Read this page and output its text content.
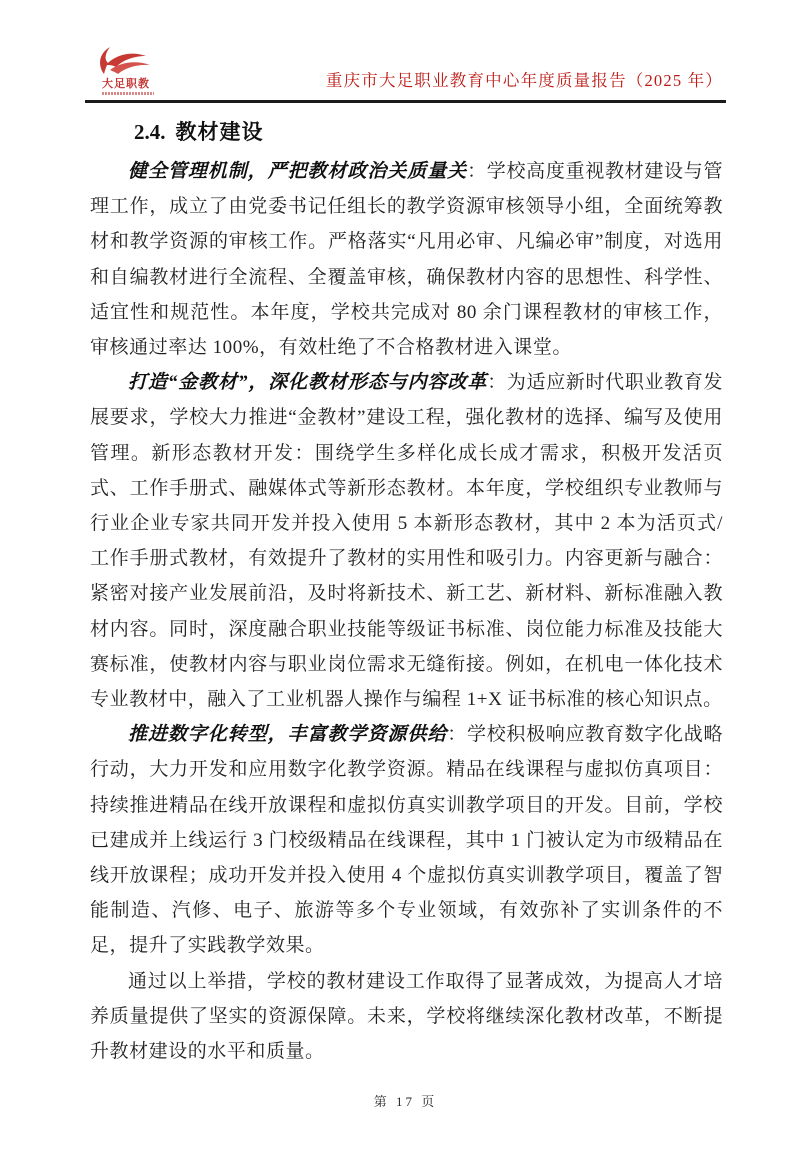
大足职教	重庆市大足职业教育中心年度质量报告（2025 年）
2.4. 教材建设

健全管理机制，严把教材政治关质量关：学校高度重视教材建设与管理工作，成立了由党委书记任组长的教学资源审核领导小组，全面统筹教材和教学资源的审核工作。严格落实“凡用必审、凡编必审”制度，对选用和自编教材进行全流程、全覆盖审核，确保教材内容的思想性、科学性、适宜性和规范性。本年度，学校共完成对 80 余门课程教材的审核工作，审核通过率达 100%，有效杜绝了不合格教材进入课堂。

打造“金教材”，深化教材形态与内容改革：为适应新时代职业教育发展要求，学校大力推进“金教材”建设工程，强化教材的选择、编写及使用管理。新形态教材开发：围绕学生多样化成长成才需求，积极开发活页式、工作手册式、融媒体式等新形态教材。本年度，学校组织专业教师与行业企业专家共同开发并投入使用 5 本新形态教材，其中 2 本为活页式/工作手册式教材，有效提升了教材的实用性和吸引力。内容更新与融合：紧密对接产业发展前沿，及时将新技术、新工艺、新材料、新标准融入教材内容。同时，深度融合职业技能等级证书标准、岗位能力标准及技能大赛标准，使教材内容与职业岗位需求无缝衔接。例如，在机电一体化技术专业教材中，融入了工业机器人操作与编程 1+X 证书标准的核心知识点。

推进数字化转型，丰富教学资源供给：学校积极响应教育数字化战略行动，大力开发和应用数字化教学资源。精品在线课程与虚拟仿真项目：持续推进精品在线开放课程和虚拟仿真实训教学项目的开发。目前，学校已建成并上线运行 3 门校级精品在线课程，其中 1 门被认定为市级精品在线开放课程；成功开发并投入使用 4 个虚拟仿真实训教学项目，覆盖了智能制造、汽修、电子、旅游等多个专业领域，有效弥补了实训条件的不足，提升了实践教学效果。

通过以上举措，学校的教材建设工作取得了显著成效，为提高人才培养质量提供了坚实的资源保障。未来，学校将继续深化教材改革，不断提升教材建设的水平和质量。

第 17 页
